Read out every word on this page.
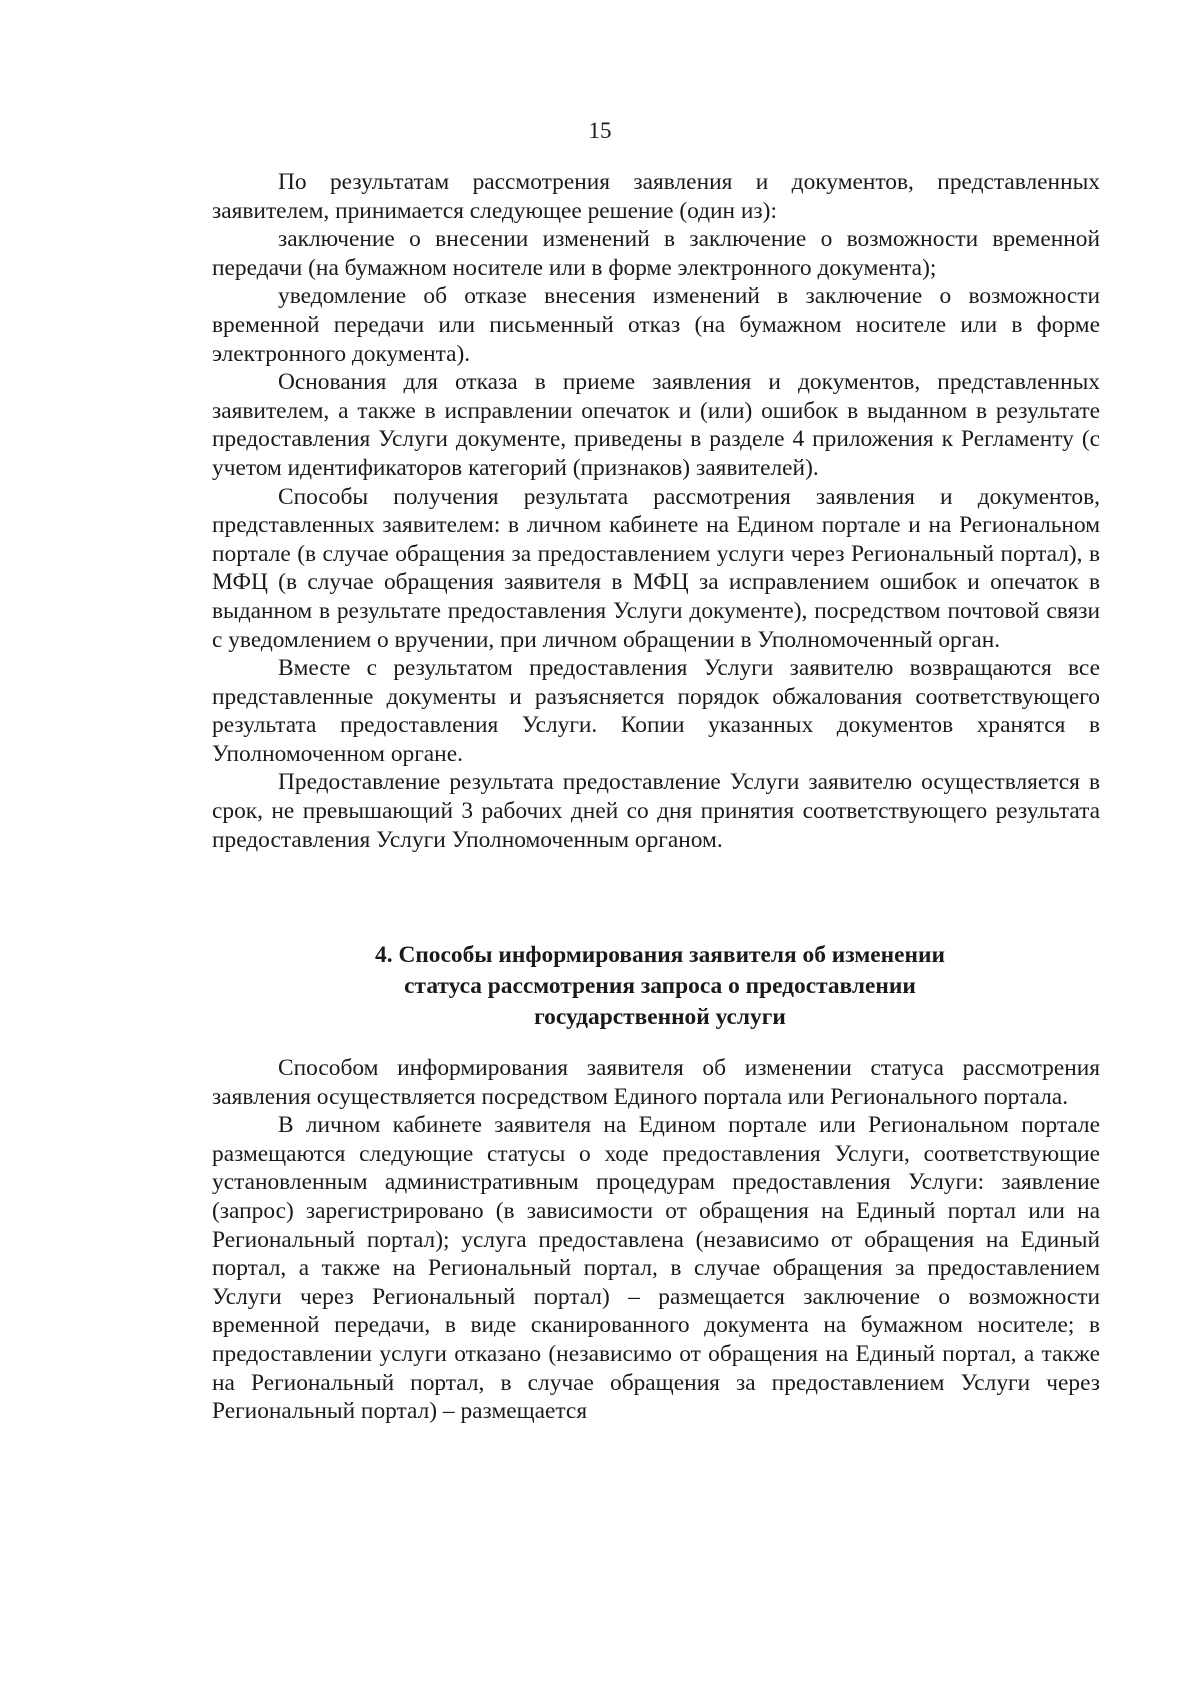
15

По результатам рассмотрения заявления и документов, представленных заявителем, принимается следующее решение (один из):

заключение о внесении изменений в заключение о возможности временной передачи (на бумажном носителе или в форме электронного документа);

уведомление об отказе внесения изменений в заключение о возможности временной передачи или письменный отказ (на бумажном носителе или в форме электронного документа).

Основания для отказа в приеме заявления и документов, представленных заявителем, а также в исправлении опечаток и (или) ошибок в выданном в результате предоставления Услуги документе, приведены в разделе 4 приложения к Регламенту (с учетом идентификаторов категорий (признаков) заявителей).

Способы получения результата рассмотрения заявления и документов, представленных заявителем: в личном кабинете на Едином портале и на Региональном портале (в случае обращения за предоставлением услуги через Региональный портал), в МФЦ (в случае обращения заявителя в МФЦ за исправлением ошибок и опечаток в выданном в результате предоставления Услуги документе), посредством почтовой связи с уведомлением о вручении, при личном обращении в Уполномоченный орган.

Вместе с результатом предоставления Услуги заявителю возвращаются все представленные документы и разъясняется порядок обжалования соответствующего результата предоставления Услуги. Копии указанных документов хранятся в Уполномоченном органе.

Предоставление результата предоставление Услуги заявителю осуществляется в срок, не превышающий 3 рабочих дней со дня принятия соответствующего результата предоставления Услуги Уполномоченным органом.

4. Способы информирования заявителя об изменении
статуса рассмотрения запроса о предоставлении
государственной услуги

Способом информирования заявителя об изменении статуса рассмотрения заявления осуществляется посредством Единого портала или Регионального портала.

В личном кабинете заявителя на Едином портале или Региональном портале размещаются следующие статусы о ходе предоставления Услуги, соответствующие установленным административным процедурам предоставления Услуги: заявление (запрос) зарегистрировано (в зависимости от обращения на Единый портал или на Региональный портал); услуга предоставлена (независимо от обращения на Единый портал, а также на Региональный портал, в случае обращения за предоставлением Услуги через Региональный портал) – размещается заключение о возможности временной передачи, в виде сканированного документа на бумажном носителе; в предоставлении услуги отказано (независимо от обращения на Единый портал, а также на Региональный портал, в случае обращения за предоставлением Услуги через Региональный портал) – размещается
